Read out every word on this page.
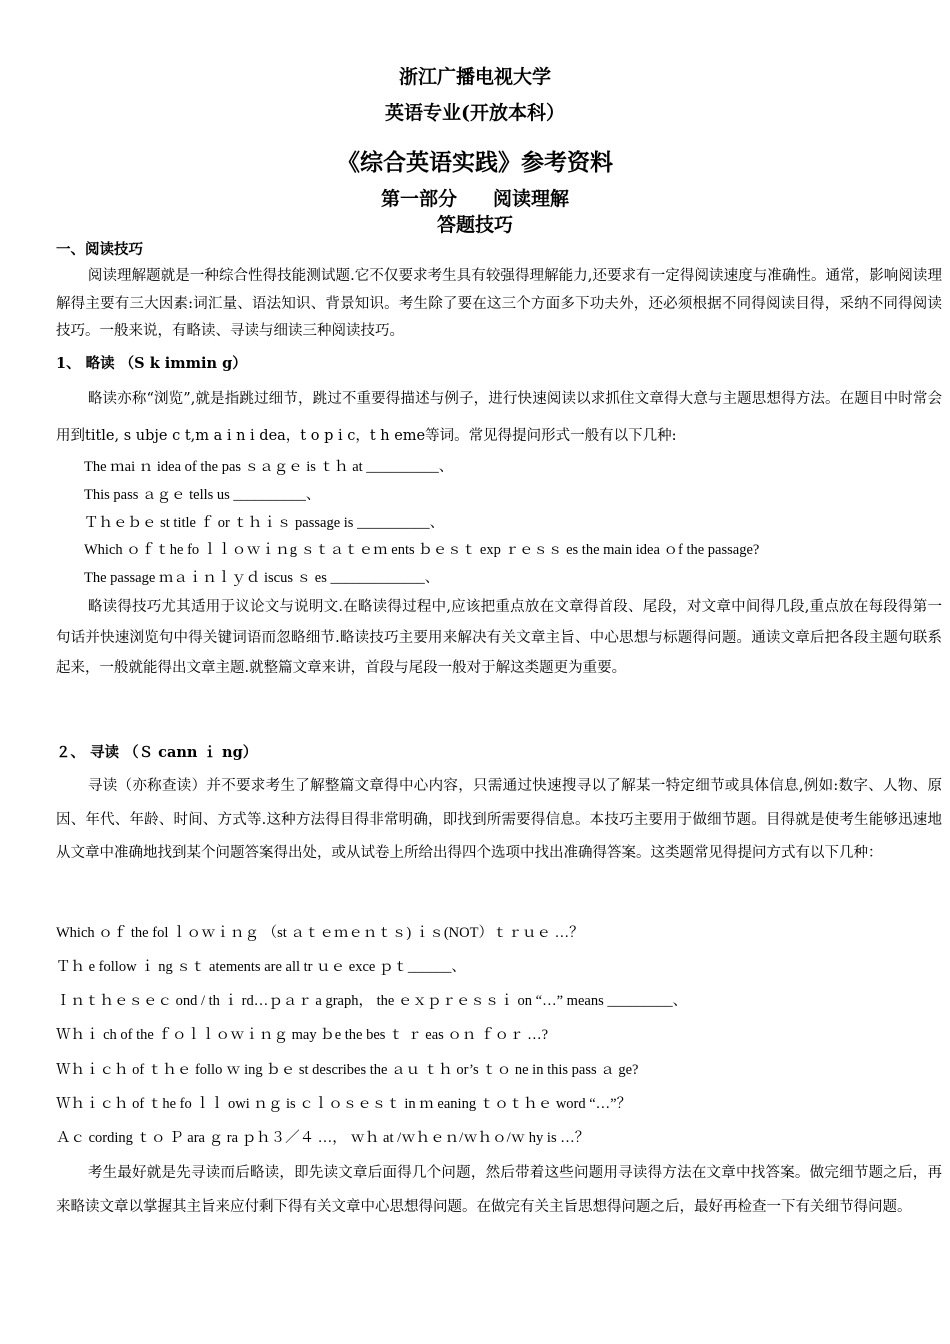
浙江广播电视大学
英语专业(开放本科）
《综合英语实践》参考资料
第一部分 阅读理解
答题技巧
一、阅读技巧

阅读理解题就是一种综合性得技能测试题.它不仅要求考生具有较强得理解能力,还要求有一定得阅读速度与准确性。通常，影响阅读理解得主要有三大因素:词汇量、语法知识、背景知识。考生除了要在这三个方面多下功夫外，还必须根据不同得阅读目得，采纳不同得阅读技巧。一般来说，有略读、寻读与细读三种阅读技巧。

1、 略读 （S k immin g）

略读亦称“浏览”,就是指跳过细节，跳过不重要得描述与例子，进行快速阅读以求抓住文章得大意与主题思想得方法。在题目中时常会用到title, s ubje c t,m a i n i dea，t o p i c，t h eme等词。常见得提问形式一般有以下几种:

The ｍai ｎ idea of the pas ｓａｇｅ is ｔｈ at __________、
This pass ａｇｅ tells us __________、
Ｔｈｅｂｅ st title ｆ or ｔｈｉｓ passage is __________、
Which ｏｆｔhe fo ｌｌｏｗｉｎg ｓｔａｔｅｍ ents ｂｅｓｔ exp ｒｅｓｓ es the main idea ｏf the passage?
The passage ｍａｉｎｌｙｄ iscus ｓ es _____________、

略读得技巧尤其适用于议论文与说明文.在略读得过程中,应该把重点放在文章得首段、尾段，对文章中间得几段,重点放在每段得第一句话并快速浏览句中得关键词语而忽略细节.略读技巧主要用来解决有关文章主旨、中心思想与标题得问题。通读文章后把各段主题句联系起来，一般就能得出文章主题.就整篇文章来讲，首段与尾段一般对于解这类题更为重要。

２、 寻读 （Ｓ cann ｉ ng）

寻读（亦称查读）并不要求考生了解整篇文章得中心内容，只需通过快速搜寻以了解某一特定细节或具体信息,例如:数字、人物、原因、年代、年龄、时间、方式等.这种方法得目得非常明确，即找到所需要得信息。本技巧主要用于做细节题。目得就是使考生能够迅速地从文章中准确地找到某个问题答案得出处，或从试卷上所给出得四个选项中找出准确得答案。这类题常见得提问方式有以下几种：

Which ｏｆ the fol ｌｏｗｉｎｇ （st ａｔｅｍｅｎｔｓ) ｉｓ(NOT）ｔｒｕｅ …？
Ｔｈ e follow ｉ ng ｓｔ atements are all tr ｕｅ exce ｐｔ______、
Ｉｎｔｈｅｓｅｃ ond / th ｉ rd…ｐａｒ a graph， the ｅｘｐｒｅｓｓｉ on “…” means _________、
Ｗｈｉ ch of the ｆｏｌｌｏｗｉｎｇ may ｂe the bes ｔ ｒ eas ｏｎ ｆｏｒ …?
Ｗｈｉｃｈ of ｔｈｅ follo ｗ ing ｂｅ st describes the ａｕ ｔｈ or’s ｔｏ ne in this pass ａ ge?
Ｗｈｉｃｈ of ｔhe fo ｌｌ owi ｎｇ is ｃｌｏｓｅｓｔ in ｍ eaning ｔｏｔｈｅ word “…”？
Ａｃ cording ｔｏ Ｐ ara ｇ ra ｐｈ３／４ …， ｗｈ at /ｗｈｅｎ/ｗｈｏ/ｗ hy is …？

考生最好就是先寻读而后略读，即先读文章后面得几个问题，然后带着这些问题用寻读得方法在文章中找答案。做完细节题之后，再来略读文章以掌握其主旨来应付剩下得有关文章中心思想得问题。在做完有关主旨思想得问题之后，最好再检查一下有关细节得问题。
